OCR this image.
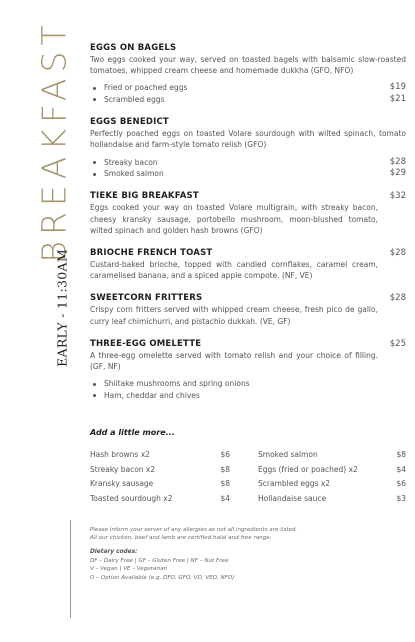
BREAKFAST
EARLY - 11:30AM
EGGS ON BAGELS
Two eggs cooked your way, served on toasted bagels with balsamic slow-roasted tomatoes, whipped cream cheese and homemade dukkha (GFO, NFO)
Fried or poached eggs	$19
Scrambled eggs	$21
EGGS BENEDICT
Perfectly poached eggs on toasted Volare sourdough with wilted spinach, tomato hollandaise and farm-style tomato relish (GFO)
Streaky bacon	$28
Smoked salmon	$29
TIEKE BIG BREAKFAST	$32
Eggs cooked your way on toasted Volare multigrain, with streaky bacon, cheesy kransky sausage, portobello mushroom, moon-blushed tomato, wilted spinach and golden hash browns (GFO)
BRIOCHE FRENCH TOAST	$28
Custard-baked brioche, topped with candied cornflakes, caramel cream, caramelised banana, and a spiced apple compote. (NF, VE)
SWEETCORN FRITTERS	$28
Crispy corn fritters served with whipped cream cheese, fresh pico de gallo, curry leaf chimichurri, and pistachio dukkah. (VE, GF)
THREE-EGG OMELETTE	$25
A three-egg omelette served with tomato relish and your choice of filling. (GF, NF)
Shiitake mushrooms and spring onions
Ham, cheddar and chives
Add a little more...
Hash browns x2	$6
Streaky bacon x2	$8
Kransky sausage	$8
Toasted sourdough x2	$4
Smoked salmon	$8
Eggs (fried or poached) x2	$4
Scrambled eggs x2	$6
Hollandaise sauce	$3
Please inform your server of any allergies as not all ingredients are listed.
All our chicken, beef and lamb are certified halal and free range.
Dietary codes:
DF – Dairy Free | GF – Gluten Free | NF – Nut Free
V – Vegan | VE – Vegetarian
O – Option Available (e.g. DFO, GFO, VO, VEO, NFO)
